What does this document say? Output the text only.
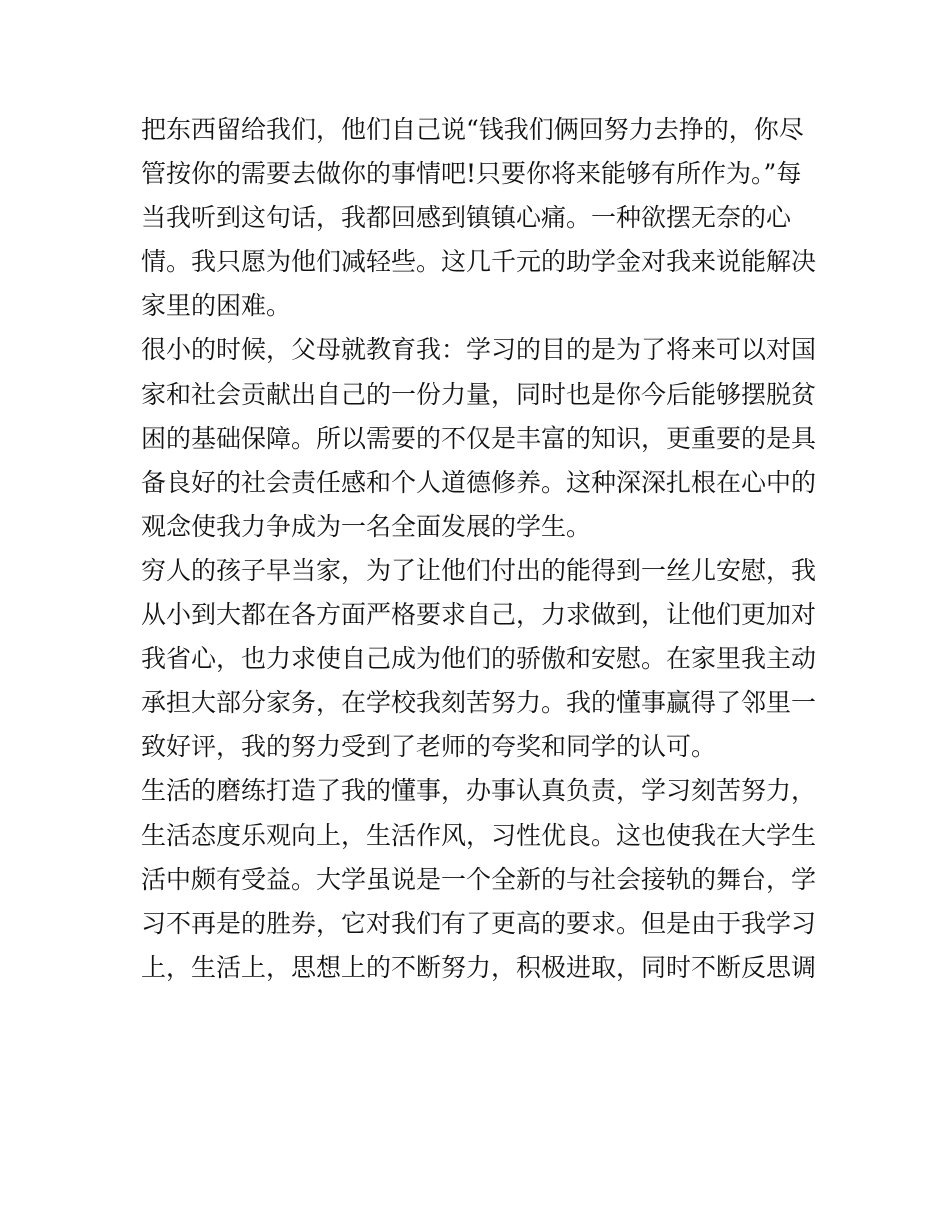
把东西留给我们，他们自己说“钱我们俩回努力去挣的，你尽
管按你的需要去做你的事情吧!只要你将来能够有所作为。”每
当我听到这句话，我都回感到镇镇心痛。一种欲摆无奈的心
情。我只愿为他们减轻些。这几千元的助学金对我来说能解决
家里的困难。
很小的时候，父母就教育我：学习的目的是为了将来可以对国
家和社会贡献出自己的一份力量，同时也是你今后能够摆脱贫
困的基础保障。所以需要的不仅是丰富的知识，更重要的是具
备良好的社会责任感和个人道德修养。这种深深扎根在心中的
观念使我力争成为一名全面发展的学生。
穷人的孩子早当家，为了让他们付出的能得到一丝儿安慰，我
从小到大都在各方面严格要求自己，力求做到，让他们更加对
我省心，也力求使自己成为他们的骄傲和安慰。在家里我主动
承担大部分家务，在学校我刻苦努力。我的懂事赢得了邻里一
致好评，我的努力受到了老师的夸奖和同学的认可。
生活的磨练打造了我的懂事，办事认真负责，学习刻苦努力，
生活态度乐观向上，生活作风，习性优良。这也使我在大学生
活中颇有受益。大学虽说是一个全新的与社会接轨的舞台，学
习不再是的胜券，它对我们有了更高的要求。但是由于我学习
上，生活上，思想上的不断努力，积极进取，同时不断反思调
